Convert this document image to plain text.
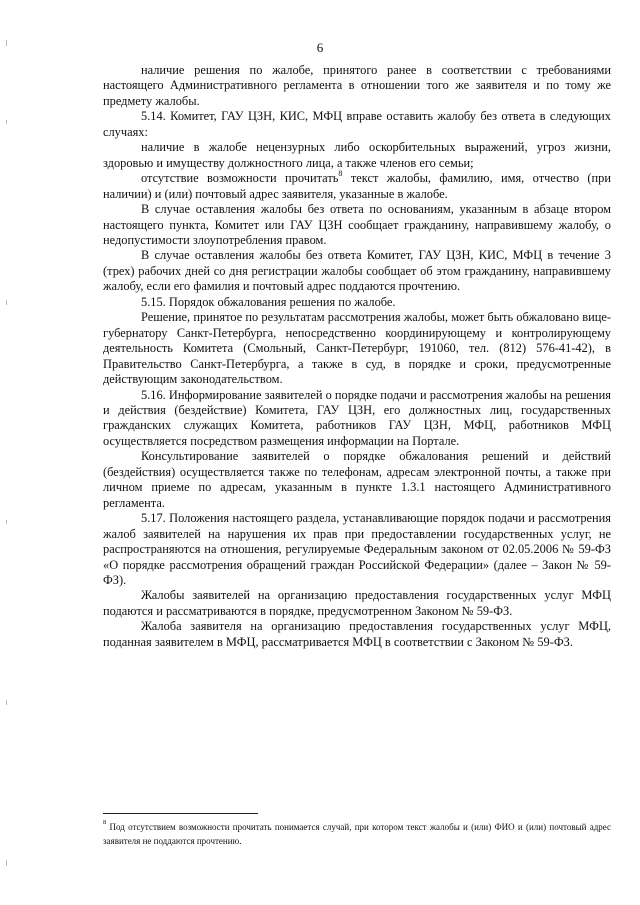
6

наличие решения по жалобе, принятого ранее в соответствии с требованиями настоящего Административного регламента в отношении того же заявителя и по тому же предмету жалобы.

5.14. Комитет, ГАУ ЦЗН, КИС, МФЦ вправе оставить жалобу без ответа в следующих случаях:

наличие в жалобе нецензурных либо оскорбительных выражений, угроз жизни, здоровью и имуществу должностного лица, а также членов его семьи;

отсутствие возможности прочитать$^8$ текст жалобы, фамилию, имя, отчество (при наличии) и (или) почтовый адрес заявителя, указанные в жалобе.

В случае оставления жалобы без ответа по основаниям, указанным в абзаце втором настоящего пункта, Комитет или ГАУ ЦЗН сообщает гражданину, направившему жалобу, о недопустимости злоупотребления правом.

В случае оставления жалобы без ответа Комитет, ГАУ ЦЗН, КИС, МФЦ в течение 3 (трех) рабочих дней со дня регистрации жалобы сообщает об этом гражданину, направившему жалобу, если его фамилия и почтовый адрес поддаются прочтению.

5.15. Порядок обжалования решения по жалобе.

Решение, принятое по результатам рассмотрения жалобы, может быть обжаловано вице-губернатору Санкт-Петербурга, непосредственно координирующему и контролирующему деятельность Комитета (Смольный, Санкт-Петербург, 191060, тел. (812) 576-41-42), в Правительство Санкт-Петербурга, а также в суд, в порядке и сроки, предусмотренные действующим законодательством.

5.16. Информирование заявителей о порядке подачи и рассмотрения жалобы на решения и действия (бездействие) Комитета, ГАУ ЦЗН, его должностных лиц, государственных гражданских служащих Комитета, работников ГАУ ЦЗН, МФЦ, работников МФЦ осуществляется посредством размещения информации на Портале.

Консультирование заявителей о порядке обжалования решений и действий (бездействия) осуществляется также по телефонам, адресам электронной почты, а также при личном приеме по адресам, указанным в пункте 1.3.1 настоящего Административного регламента.

5.17. Положения настоящего раздела, устанавливающие порядок подачи и рассмотрения жалоб заявителей на нарушения их прав при предоставлении государственных услуг, не распространяются на отношения, регулируемые Федеральным законом от 02.05.2006 № 59-ФЗ «О порядке рассмотрения обращений граждан Российской Федерации» (далее – Закон № 59-ФЗ).

Жалобы заявителей на организацию предоставления государственных услуг МФЦ подаются и рассматриваются в порядке, предусмотренном Законом № 59-ФЗ.

Жалоба заявителя на организацию предоставления государственных услуг МФЦ, поданная заявителем в МФЦ, рассматривается МФЦ в соответствии с Законом № 59-ФЗ.

$^8$ Под отсутствием возможности прочитать понимается случай, при котором текст жалобы и (или) ФИО и (или) почтовый адрес заявителя не поддаются прочтению.
